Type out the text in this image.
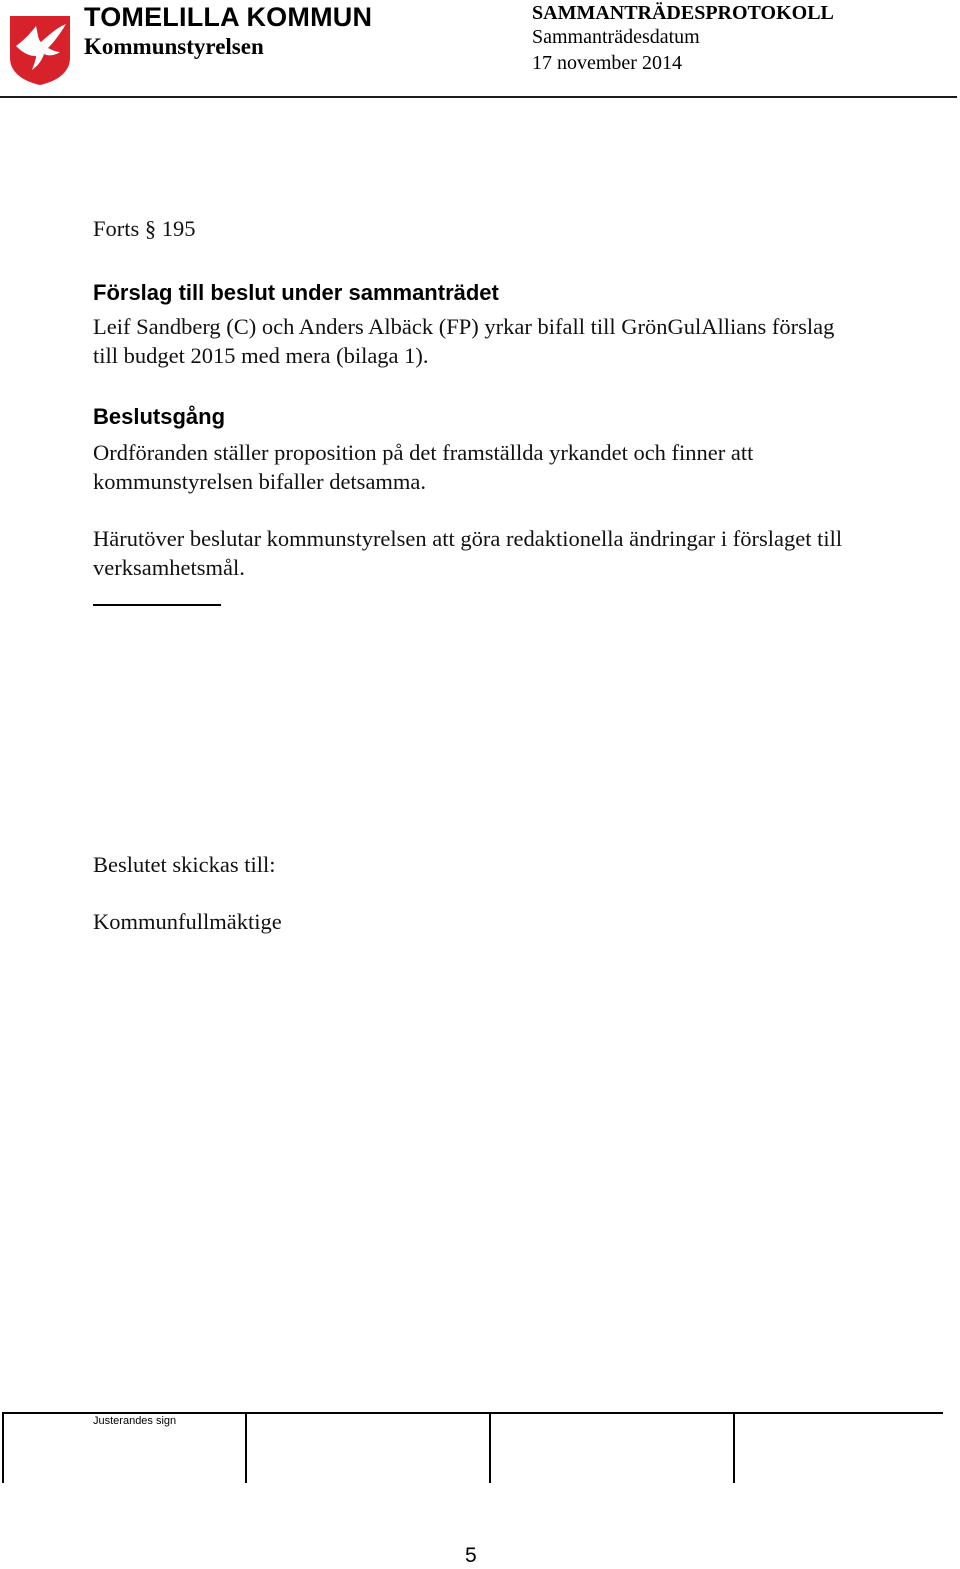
TOMELILLA KOMMUN
Kommunstyrelsen
SAMMANTRÄDESPROTOKOLL
Sammanträdesdatum
17 november 2014
Forts § 195
Förslag till beslut under sammanträdet
Leif Sandberg (C) och Anders Albäck (FP) yrkar bifall till GrönGulAllians förslag till budget 2015 med mera (bilaga 1).
Beslutsgång
Ordföranden ställer proposition på det framställda yrkandet och finner att kommunstyrelsen bifaller detsamma.
Härutöver beslutar kommunstyrelsen att göra redaktionella ändringar i förslaget till verksamhetsmål.
Beslutet skickas till:
Kommunfullmäktige
Justerandes sign
5
